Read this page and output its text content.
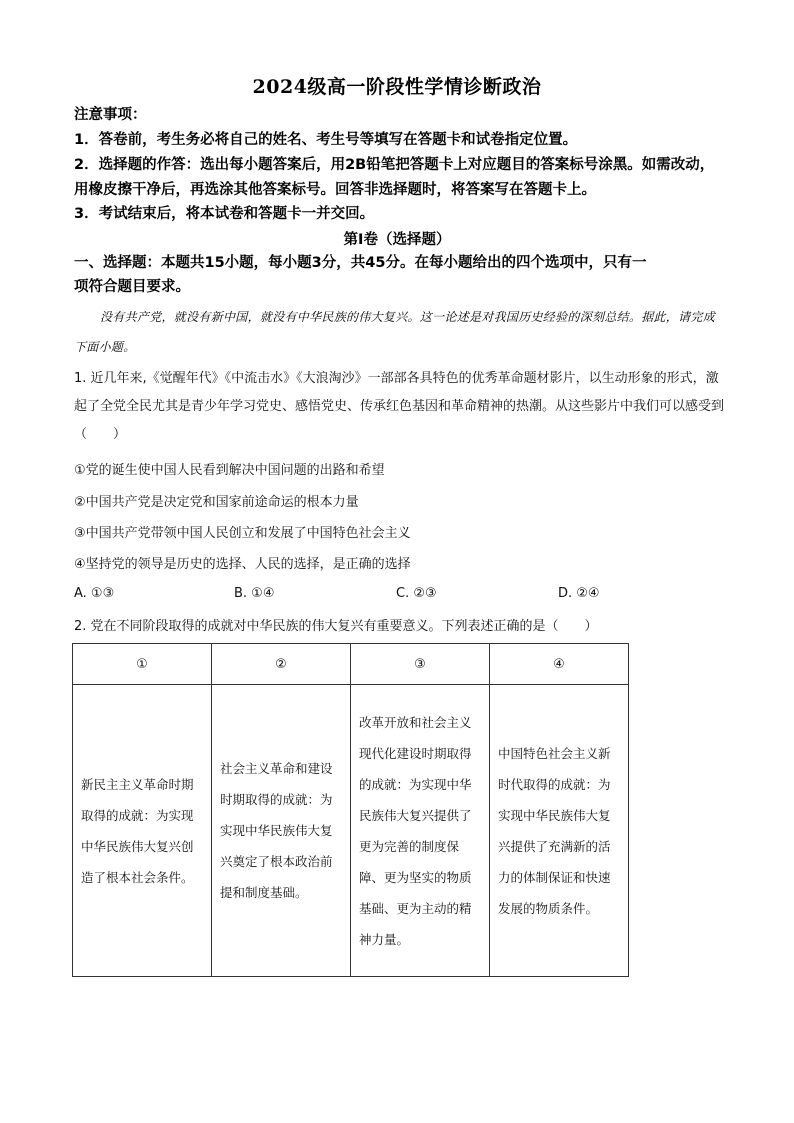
2024级高一阶段性学情诊断政治
注意事项：
1．答卷前，考生务必将自己的姓名、考生号等填写在答题卡和试卷指定位置。
2．选择题的作答：选出每小题答案后，用2B铅笔把答题卡上对应题目的答案标号涂黑。如需改动，用橡皮擦干净后，再选涂其他答案标号。回答非选择题时，将答案写在答题卡上。
3．考试结束后，将本试卷和答题卡一并交回。
第Ⅰ卷（选择题）
一、选择题：本题共15小题，每小题3分，共45分。在每小题给出的四个选项中，只有一
项符合题目要求。
没有共产党，就没有新中国，就没有中华民族的伟大复兴。这一论述是对我国历史经验的深刻总结。据此，请完成下面小题。
1. 近几年来,《觉醒年代》《中流击水》《大浪淘沙》一部部各具特色的优秀革命题材影片，以生动形象的形式，激起了全党全民尤其是青少年学习党史、感悟党史、传承红色基因和革命精神的热潮。从这些影片中我们可以感受到（　　）
①党的诞生使中国人民看到解决中国问题的出路和希望
②中国共产党是决定党和国家前途命运的根本力量
③中国共产党带领中国人民创立和发展了中国特色社会主义
④坚持党的领导是历史的选择、人民的选择，是正确的选择
A. ①③	B. ①④	C. ②③	D. ②④
2. 党在不同阶段取得的成就对中华民族的伟大复兴有重要意义。下列表述正确的是（　　）
①	②	③	④
新民主主义革命时期取得的成就：为实现中华民族伟大复兴创造了根本社会条件。	社会主义革命和建设时期取得的成就：为实现中华民族伟大复兴奠定了根本政治前提和制度基础。	改革开放和社会主义现代化建设时期取得的成就：为实现中华民族伟大复兴提供了更为完善的制度保障、更为坚实的物质基础、更为主动的精神力量。	中国特色社会主义新时代取得的成就：为实现中华民族伟大复兴提供了充满新的活力的体制保证和快速发展的物质条件。
